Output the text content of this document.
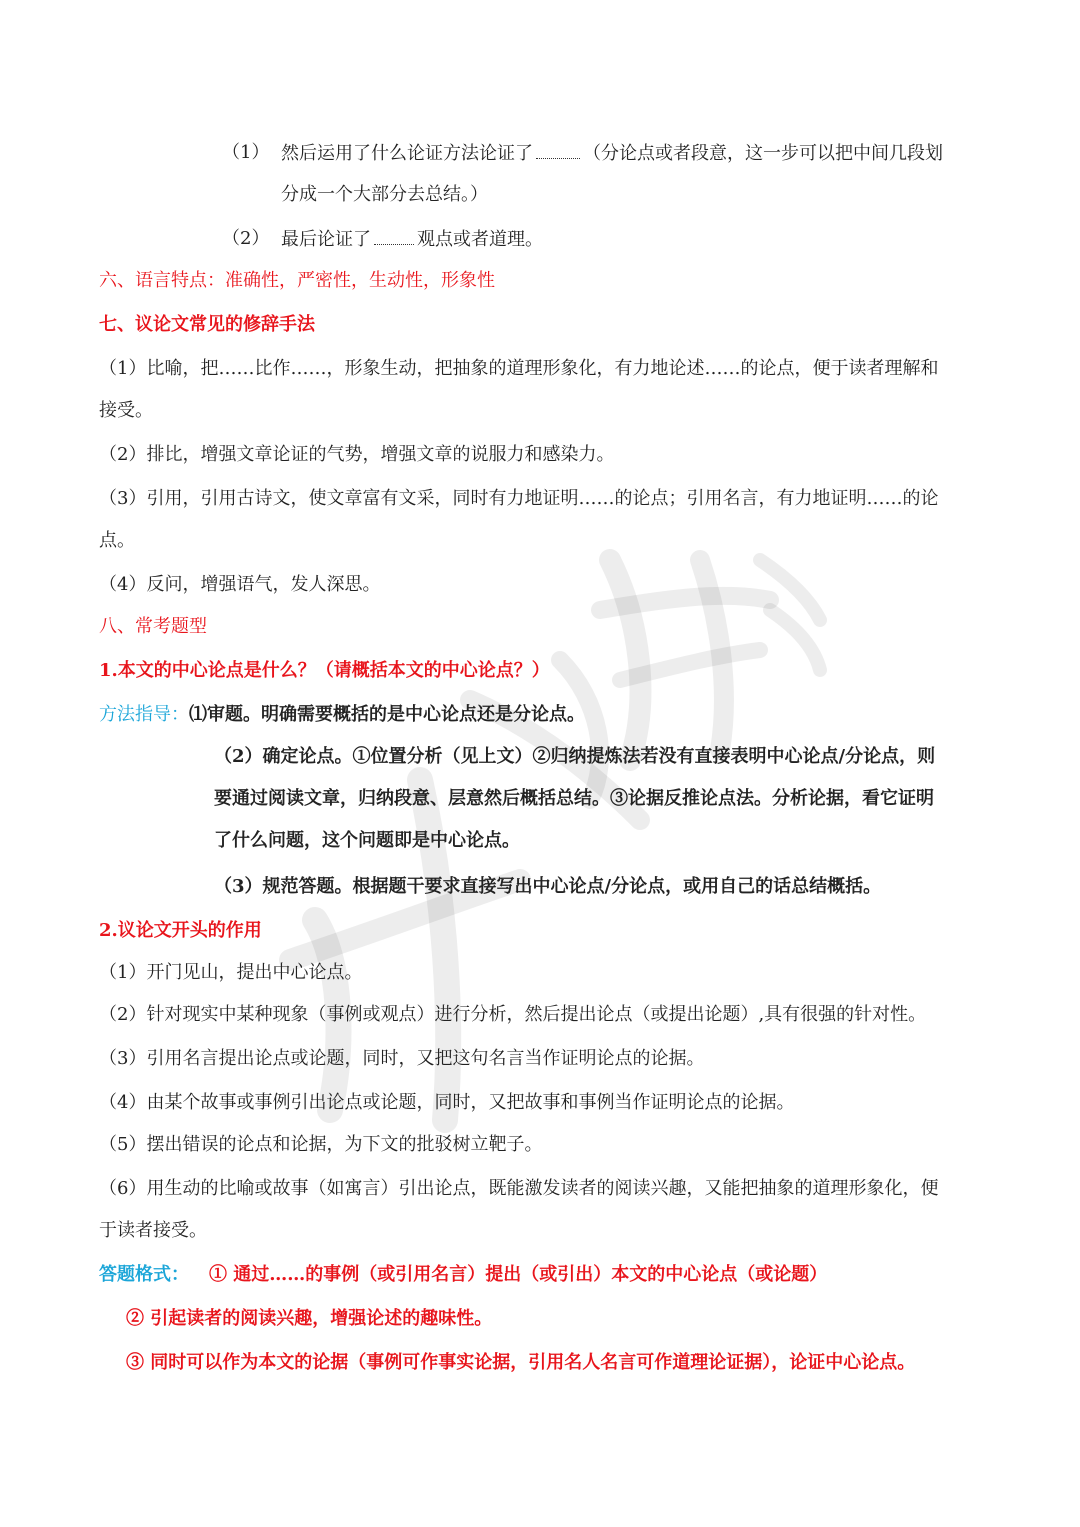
（1） 然后运用了什么论证方法论证了	（分论点或者段意，这一步可以把中间几段划
分成一个大部分去总结。）
（2） 最后论证了	观点或者道理。
六、语言特点：准确性，严密性，生动性，形象性
七、议论文常见的修辞手法
（1）比喻，把……比作……，形象生动，把抽象的道理形象化，有力地论述……的论点，便于读者理解和
接受。
（2）排比，增强文章论证的气势，增强文章的说服力和感染力。
（3）引用，引用古诗文，使文章富有文采，同时有力地证明……的论点；引用名言，有力地证明……的论
点。
（4）反问，增强语气，发人深思。
八、常考题型
1.本文的中心论点是什么？（请概括本文的中心论点？）
方法指导：⑴审题。明确需要概括的是中心论点还是分论点。
（2）确定论点。①位置分析（见上文）②归纳提炼法若没有直接表明中心论点/分论点，则
要通过阅读文章，归纳段意、层意然后概括总结。③论据反推论点法。分析论据，看它证明
了什么问题，这个问题即是中心论点。
（3）规范答题。根据题干要求直接写出中心论点/分论点，或用自己的话总结概括。
2.议论文开头的作用
（1）开门见山，提出中心论点。
（2）针对现实中某种现象（事例或观点）进行分析，然后提出论点（或提出论题）,具有很强的针对性。
（3）引用名言提出论点或论题，同时，又把这句名言当作证明论点的论据。
（4）由某个故事或事例引出论点或论题，同时，又把故事和事例当作证明论点的论据。
（5）摆出错误的论点和论据，为下文的批驳树立靶子。
（6）用生动的比喻或故事（如寓言）引出论点，既能激发读者的阅读兴趣，又能把抽象的道理形象化，便
于读者接受。
答题格式： ① 通过……的事例（或引用名言）提出（或引出）本文的中心论点（或论题）
② 引起读者的阅读兴趣，增强论述的趣味性。
③ 同时可以作为本文的论据（事例可作事实论据，引用名人名言可作道理论证据），论证中心论点。
